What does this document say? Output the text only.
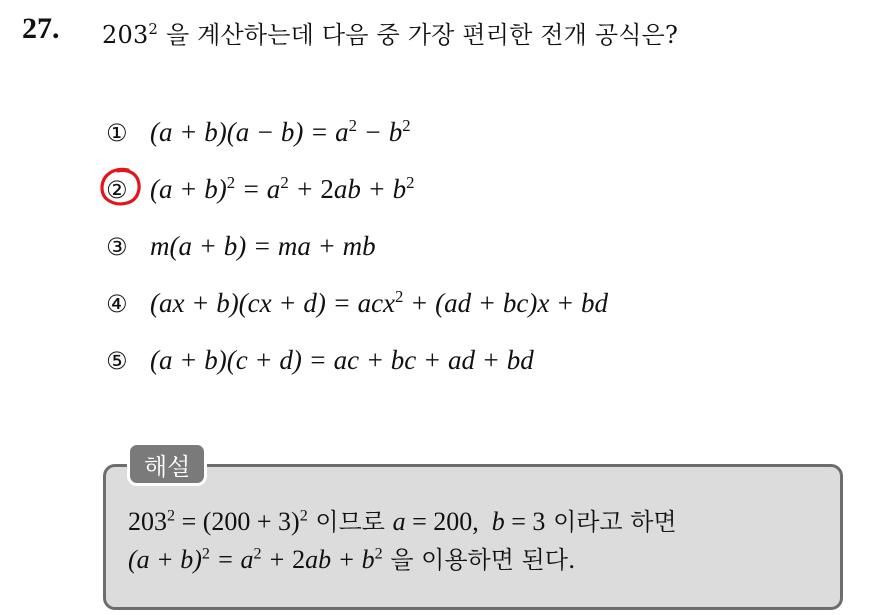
27. $203^2$ 을 계산하는데 다음 중 가장 편리한 전개 공식은?
① $(a + b)(a - b) = a^2 - b^2$
② $(a + b)^2 = a^2 + 2ab + b^2$
③ m(a + b) = ma + mb
④ (ax + b)(cx + d) = acx$^2$ + (ad + bc)x + bd
⑤ (a + b)(c + d) = ac + bc + ad + bd
해설
$203^2 = (200 + 3)^2$ 이므로 a = 200,  b = 3 이라고 하면
$(a + b)^2 = a^2 + 2ab + b^2$ 을 이용하면 된다.
